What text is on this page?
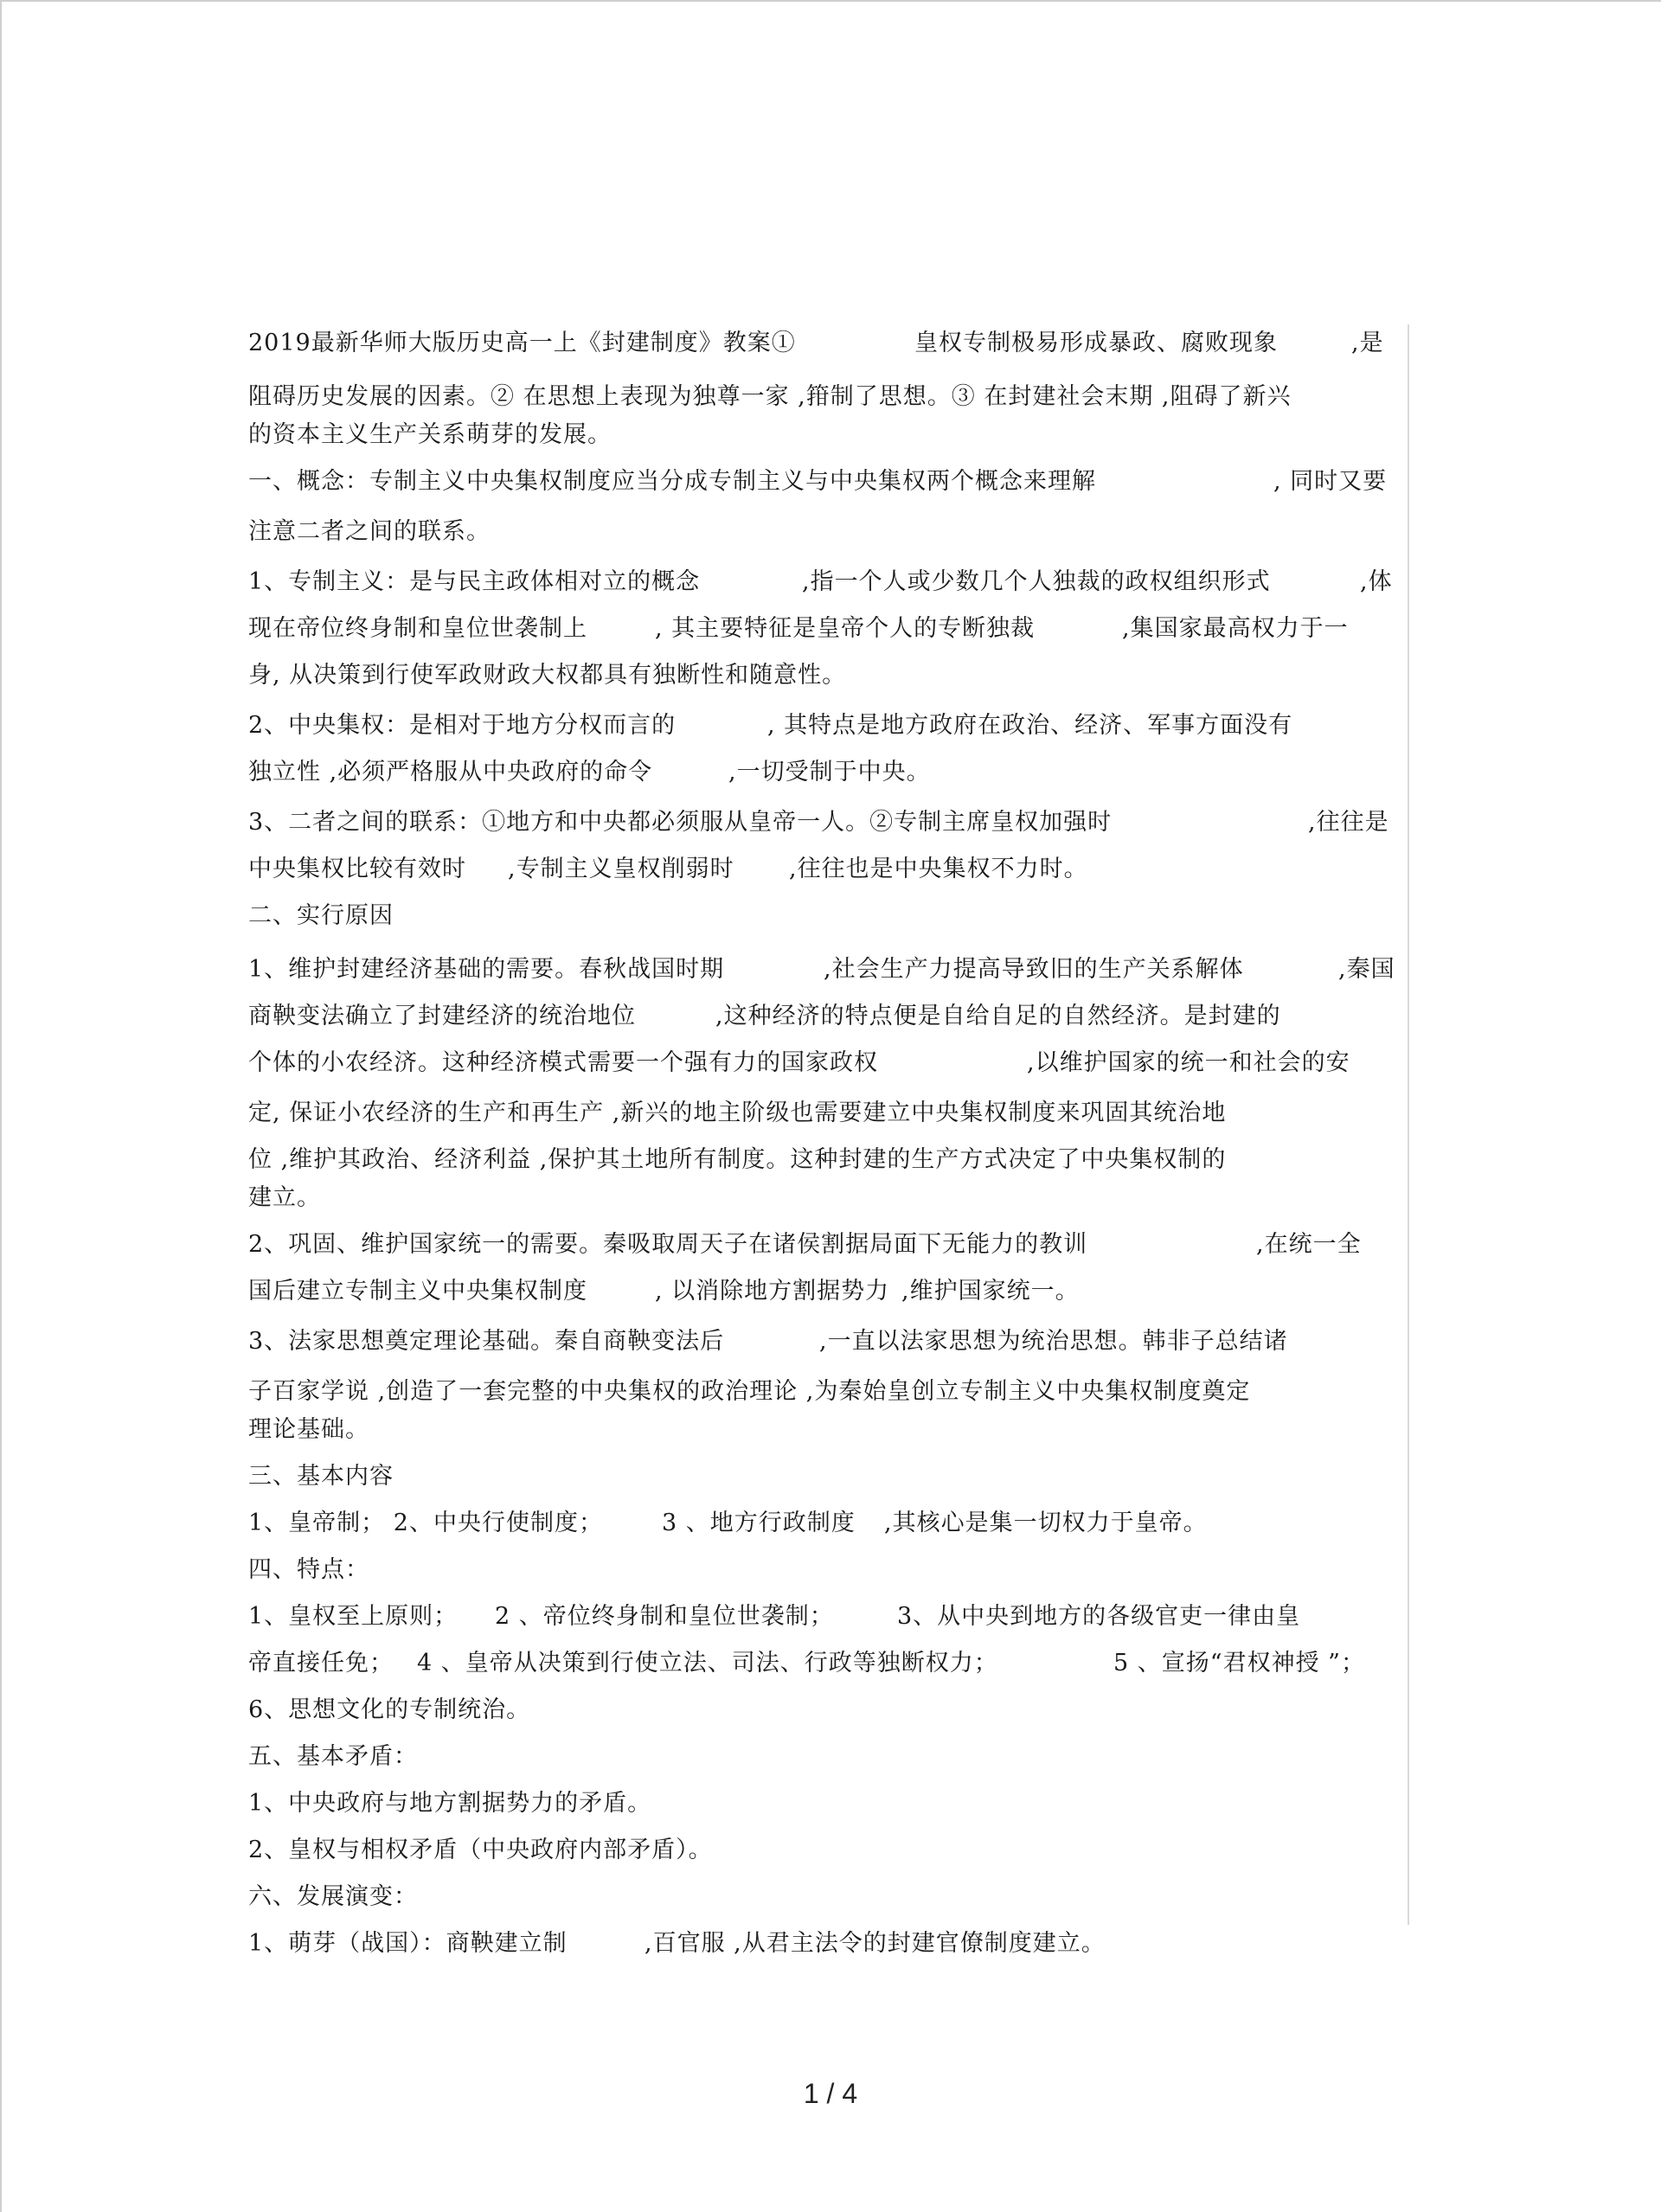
2019最新华师大版历史高一上《封建制度》教案①	皇权专制极易形成暴政、腐败现象	,是
阻碍历史发展的因素。② 在思想上表现为独尊一家 ,箝制了思想。③ 在封建社会末期 ,阻碍了新兴
的资本主义生产关系萌芽的发展。
一、概念：专制主义中央集权制度应当分成专制主义与中央集权两个概念来理解	, 同时又要
注意二者之间的联系。
1、专制主义：是与民主政体相对立的概念	,指一个人或少数几个人独裁的政权组织形式	,体
现在帝位终身制和皇位世袭制上	, 其主要特征是皇帝个人的专断独裁	,集国家最高权力于一
身, 从决策到行使军政财政大权都具有独断性和随意性。
2、中央集权：是相对于地方分权而言的	, 其特点是地方政府在政治、经济、军事方面没有
独立性 ,必须严格服从中央政府的命令	,一切受制于中央。
3、二者之间的联系：①地方和中央都必须服从皇帝一人。②专制主席皇权加强时	,往往是
中央集权比较有效时 ,专制主义皇权削弱时 ,往往也是中央集权不力时。
二、实行原因
1、维护封建经济基础的需要。春秋战国时期	,社会生产力提高导致旧的生产关系解体	,秦国
商鞅变法确立了封建经济的统治地位	,这种经济的特点便是自给自足的自然经济。是封建的
个体的小农经济。这种经济模式需要一个强有力的国家政权	,以维护国家的统一和社会的安
定, 保证小农经济的生产和再生产 ,新兴的地主阶级也需要建立中央集权制度来巩固其统治地
位 ,维护其政治、经济利益 ,保护其土地所有制度。这种封建的生产方式决定了中央集权制的
建立。
2、巩固、维护国家统一的需要。秦吸取周天子在诸侯割据局面下无能力的教训	,在统一全
国后建立专制主义中央集权制度	, 以消除地方割据势力 ,维护国家统一。
3、法家思想奠定理论基础。秦自商鞅变法后	,一直以法家思想为统治思想。韩非子总结诸
子百家学说 ,创造了一套完整的中央集权的政治理论 ,为秦始皇创立专制主义中央集权制度奠定
理论基础。
三、基本内容
1、皇帝制； 2、中央行使制度；	3 、地方行政制度 ,其核心是集一切权力于皇帝。
四、特点：
1、皇权至上原则； 2 、帝位终身制和皇位世袭制；	3、从中央到地方的各级官吏一律由皇
帝直接任免； 4 、皇帝从决策到行使立法、司法、行政等独断权力；	5 、宣扬“君权神授 ”；
6、思想文化的专制统治。
五、基本矛盾：
1、中央政府与地方割据势力的矛盾。
2、皇权与相权矛盾（中央政府内部矛盾）。
六、发展演变：
1、萌芽（战国）：商鞅建立制	,百官服 ,从君主法令的封建官僚制度建立。
1 / 4
